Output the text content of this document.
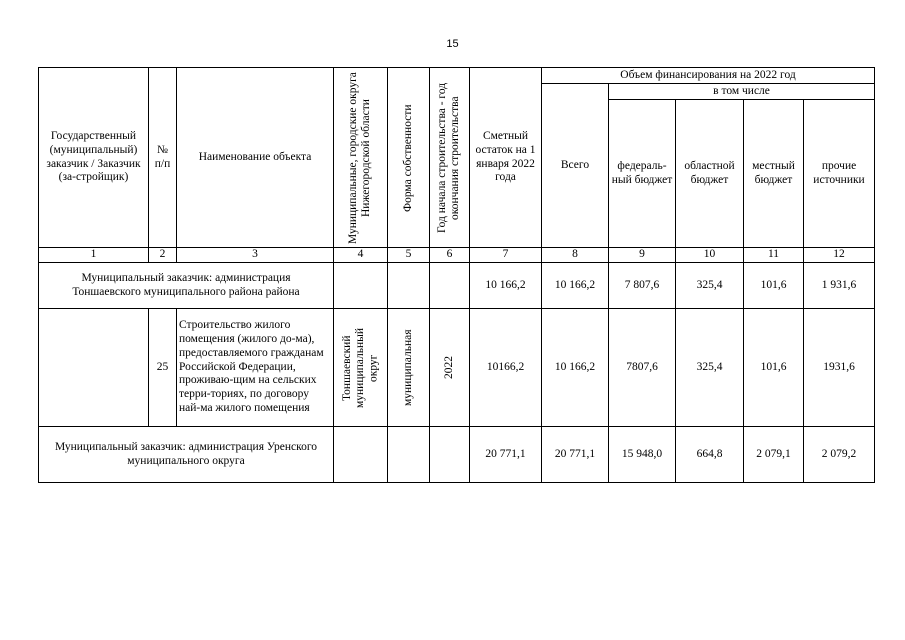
15
Государственный (муниципальный) заказчик / Заказчик (за-стройщик)	№ п/п	Наименование объекта	Муниципальные, городские округа Нижегородской области	Форма собственности	Год начала строительства - год окончания строительства	Сметный остаток на 1 января 2022 года	Объем финансирования на 2022 год				
							Всего	в том числе			
								федераль-ный бюджет	областной бюджет	местный бюджет	прочие источники
1	2	3	4	5	6	7	8	9	10	11	12
Муниципальный заказчик: администрация Тоншаевского муниципального района района						10 166,2	10 166,2	7 807,6	325,4	101,6	1 931,6
	25	Строительство жилого помещения (жилого до-ма), предоставляемого гражданам Российской Федерации, проживаю-щим на сельских терри-ториях, по договору най-ма жилого помещения	Тоншаевский муниципальный округ	муниципальная	2022	10166,2	10 166,2	7807,6	325,4	101,6	1931,6
Муниципальный заказчик: администрация Уренского муниципального округа						20 771,1	20 771,1	15 948,0	664,8	2 079,1	2 079,2
